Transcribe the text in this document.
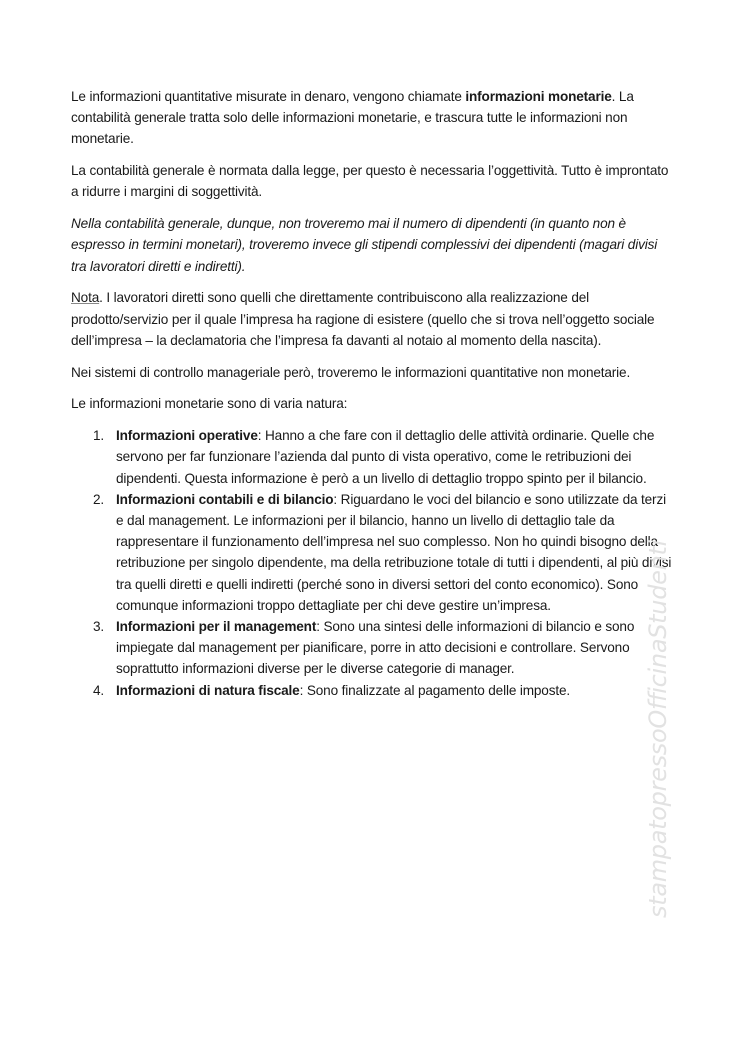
Le informazioni quantitative misurate in denaro, vengono chiamate informazioni monetarie. La contabilità generale tratta solo delle informazioni monetarie, e trascura tutte le informazioni non monetarie.

La contabilità generale è normata dalla legge, per questo è necessaria l’oggettività. Tutto è improntato a ridurre i margini di soggettività.

Nella contabilità generale, dunque, non troveremo mai il numero di dipendenti (in quanto non è espresso in termini monetari), troveremo invece gli stipendi complessivi dei dipendenti (magari divisi tra lavoratori diretti e indiretti).

Nota. I lavoratori diretti sono quelli che direttamente contribuiscono alla realizzazione del prodotto/servizio per il quale l’impresa ha ragione di esistere (quello che si trova nell’oggetto sociale dell’impresa – la declamatoria che l’impresa fa davanti al notaio al momento della nascita).

Nei sistemi di controllo manageriale però, troveremo le informazioni quantitative non monetarie.

Le informazioni monetarie sono di varia natura:

1. Informazioni operative: Hanno a che fare con il dettaglio delle attività ordinarie. Quelle che servono per far funzionare l’azienda dal punto di vista operativo, come le retribuzioni dei dipendenti. Questa informazione è però a un livello di dettaglio troppo spinto per il bilancio.
2. Informazioni contabili e di bilancio: Riguardano le voci del bilancio e sono utilizzate da terzi e dal management. Le informazioni per il bilancio, hanno un livello di dettaglio tale da rappresentare il funzionamento dell’impresa nel suo complesso. Non ho quindi bisogno della retribuzione per singolo dipendente, ma della retribuzione totale di tutti i dipendenti, al più divisi tra quelli diretti e quelli indiretti (perché sono in diversi settori del conto economico). Sono comunque informazioni troppo dettagliate per chi deve gestire un’impresa.
3. Informazioni per il management: Sono una sintesi delle informazioni di bilancio e sono impiegate dal management per pianificare, porre in atto decisioni e controllare. Servono soprattutto informazioni diverse per le diverse categorie di manager.
4. Informazioni di natura fiscale: Sono finalizzate al pagamento delle imposte.	stampatopressoOfficinaStudenti
